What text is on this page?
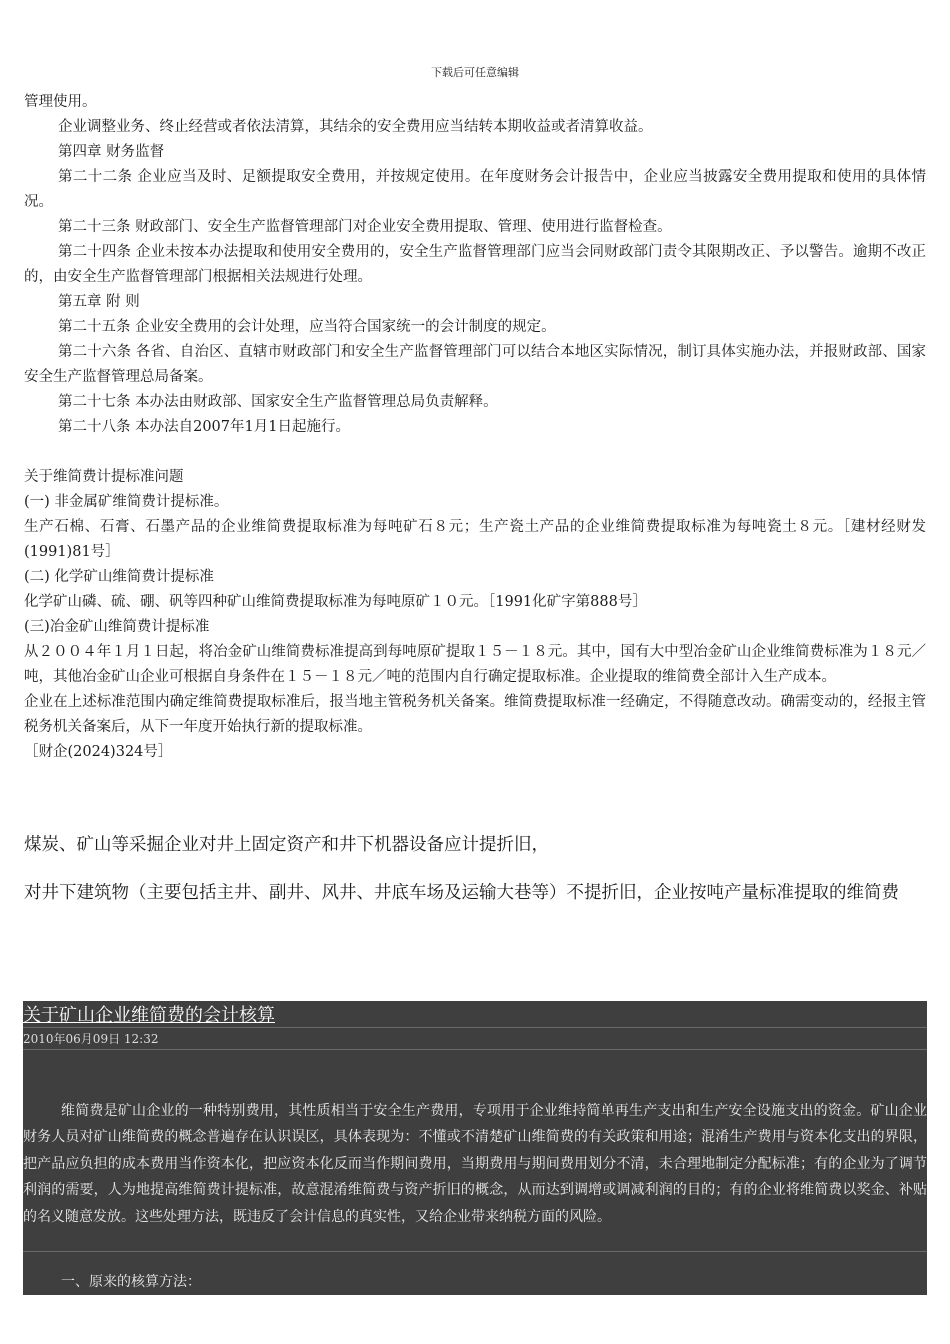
下载后可任意编辑

管理使用。

企业调整业务、终止经营或者依法清算，其结余的安全费用应当结转本期收益或者清算收益。

第四章 财务监督

第二十二条 企业应当及时、足额提取安全费用，并按规定使用。在年度财务会计报告中，企业应当披露安全费用提取和使用的具体情况。

第二十三条 财政部门、安全生产监督管理部门对企业安全费用提取、管理、使用进行监督检查。

第二十四条 企业未按本办法提取和使用安全费用的，安全生产监督管理部门应当会同财政部门责令其限期改正、予以警告。逾期不改正的，由安全生产监督管理部门根据相关法规进行处理。

第五章 附 则

第二十五条 企业安全费用的会计处理，应当符合国家统一的会计制度的规定。

第二十六条 各省、自治区、直辖市财政部门和安全生产监督管理部门可以结合本地区实际情况，制订具体实施办法，并报财政部、国家安全生产监督管理总局备案。

第二十七条 本办法由财政部、国家安全生产监督管理总局负责解释。

第二十八条 本办法自2007年1月1日起施行。

关于维简费计提标准问题

(一) 非金属矿维简费计提标准。

生产石棉、石膏、石墨产品的企业维简费提取标准为每吨矿石８元；生产瓷土产品的企业维简费提取标准为每吨瓷土８元。［建材经财发(1991)81号］

(二) 化学矿山维简费计提标准

化学矿山磷、硫、硼、矾等四种矿山维简费提取标准为每吨原矿１０元。［1991化矿字第888号］

(三)冶金矿山维简费计提标准

从２００４年１月１日起，将冶金矿山维简费标准提高到每吨原矿提取１５－１８元。其中，国有大中型冶金矿山企业维简费标准为１８元／吨，其他冶金矿山企业可根据自身条件在１５－１８元／吨的范围内自行确定提取标准。企业提取的维简费全部计入生产成本。

企业在上述标准范围内确定维简费提取标准后，报当地主管税务机关备案。维简费提取标准一经确定，不得随意改动。确需变动的，经报主管税务机关备案后，从下一年度开始执行新的提取标准。

［财企(2024)324号］

煤炭、矿山等采掘企业对井上固定资产和井下机器设备应计提折旧，
对井下建筑物（主要包括主井、副井、风井、井底车场及运输大巷等）不提折旧，企业按吨产量标准提取的维简费
关于矿山企业维简费的会计核算
2010年06月09日 12:32
维简费是矿山企业的一种特别费用，其性质相当于安全生产费用，专项用于企业维持简单再生产支出和生产安全设施支出的资金。矿山企业财务人员对矿山维简费的概念普遍存在认识误区，具体表现为：不懂或不清楚矿山维简费的有关政策和用途；混淆生产费用与资本化支出的界限，把产品应负担的成本费用当作资本化，把应资本化反而当作期间费用，当期费用与期间费用划分不清，未合理地制定分配标准；有的企业为了调节利润的需要，人为地提高维简费计提标准，故意混淆维简费与资产折旧的概念，从而达到调增或调减利润的目的；有的企业将维简费以奖金、补贴的名义随意发放。这些处理方法，既违反了会计信息的真实性，又给企业带来纳税方面的风险。
一、原来的核算方法：
